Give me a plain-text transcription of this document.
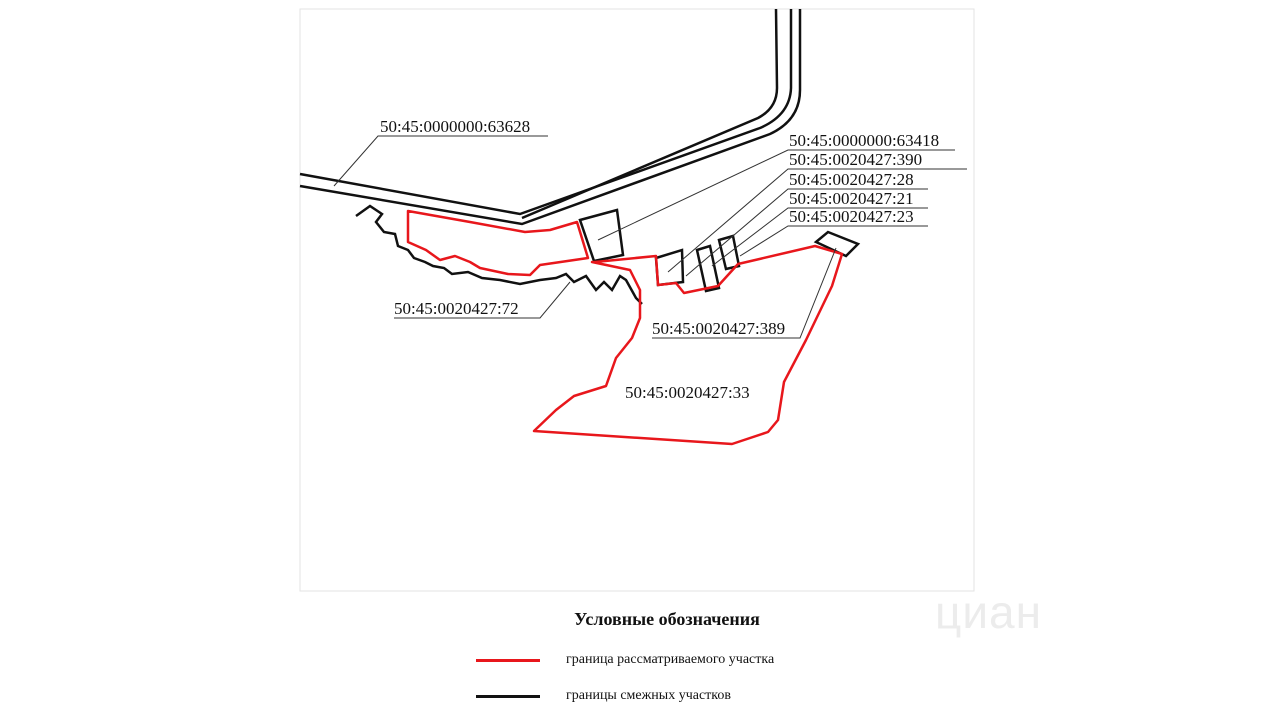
50:45:0000000:63628
50:45:0000000:63418
50:45:0020427:390
50:45:0020427:28
50:45:0020427:21
50:45:0020427:23
50:45:0020427:72
50:45:0020427:389
50:45:0020427:33
циан
Условные обозначения
граница рассматриваемого участка
границы смежных участков
